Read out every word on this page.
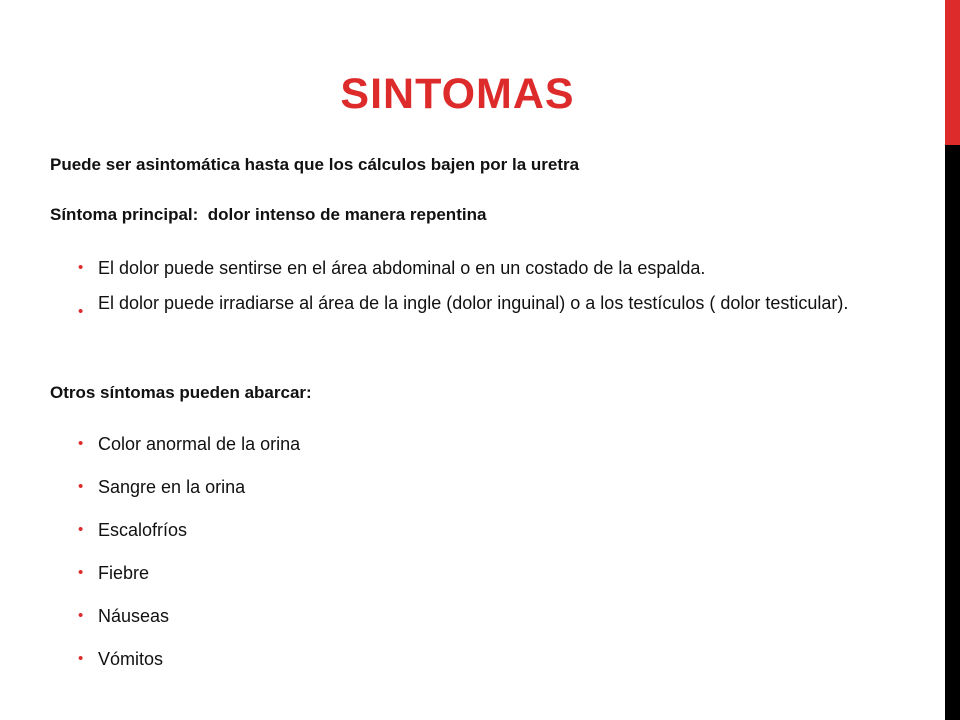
SINTOMAS

Puede ser asintomática hasta que los cálculos bajen por la uretra

Síntoma principal: dolor intenso de manera repentina

• El dolor puede sentirse en el área abdominal o en un costado de la espalda.
• El dolor puede irradiarse al área de la ingle (dolor inguinal) o a los testículos ( dolor testicular).

Otros síntomas pueden abarcar:

• Color anormal de la orina
• Sangre en la orina
• Escalofríos
• Fiebre
• Náuseas
• Vómitos
